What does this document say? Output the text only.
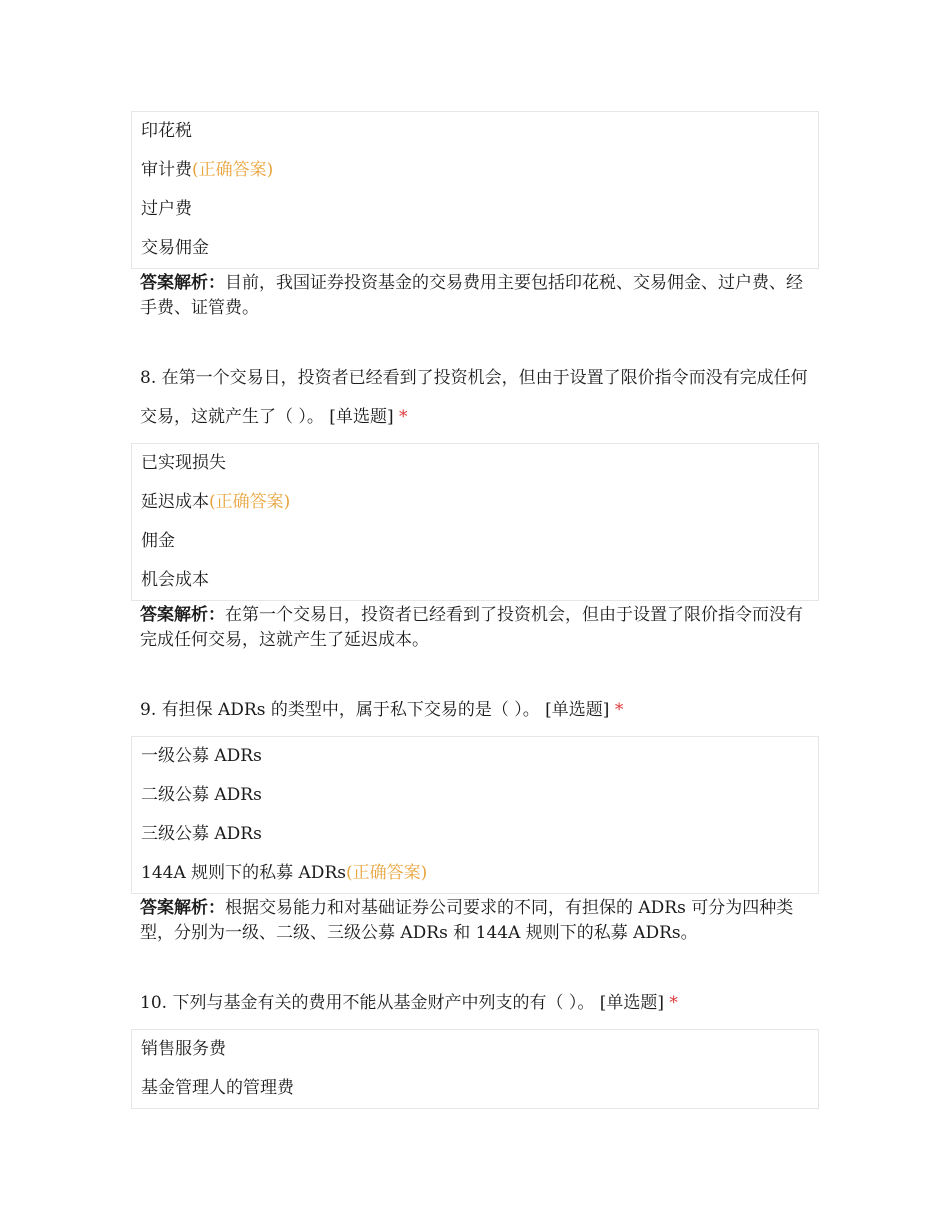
印花税
审计费(正确答案)
过户费
交易佣金
答案解析：目前，我国证券投资基金的交易费用主要包括印花税、交易佣金、过户费、经手费、证管费。
8. 在第一个交易日，投资者已经看到了投资机会，但由于设置了限价指令而没有完成任何交易，这就产生了（ ）。 [单选题] *
已实现损失
延迟成本(正确答案)
佣金
机会成本
答案解析：在第一个交易日，投资者已经看到了投资机会，但由于设置了限价指令而没有完成任何交易，这就产生了延迟成本。
9. 有担保 ADRs 的类型中，属于私下交易的是（ ）。 [单选题] *
一级公募 ADRs
二级公募 ADRs
三级公募 ADRs
144A 规则下的私募 ADRs(正确答案)
答案解析：根据交易能力和对基础证券公司要求的不同，有担保的 ADRs 可分为四种类型，分别为一级、二级、三级公募 ADRs 和 144A 规则下的私募 ADRs。
10. 下列与基金有关的费用不能从基金财产中列支的有（ ）。 [单选题] *
销售服务费
基金管理人的管理费
